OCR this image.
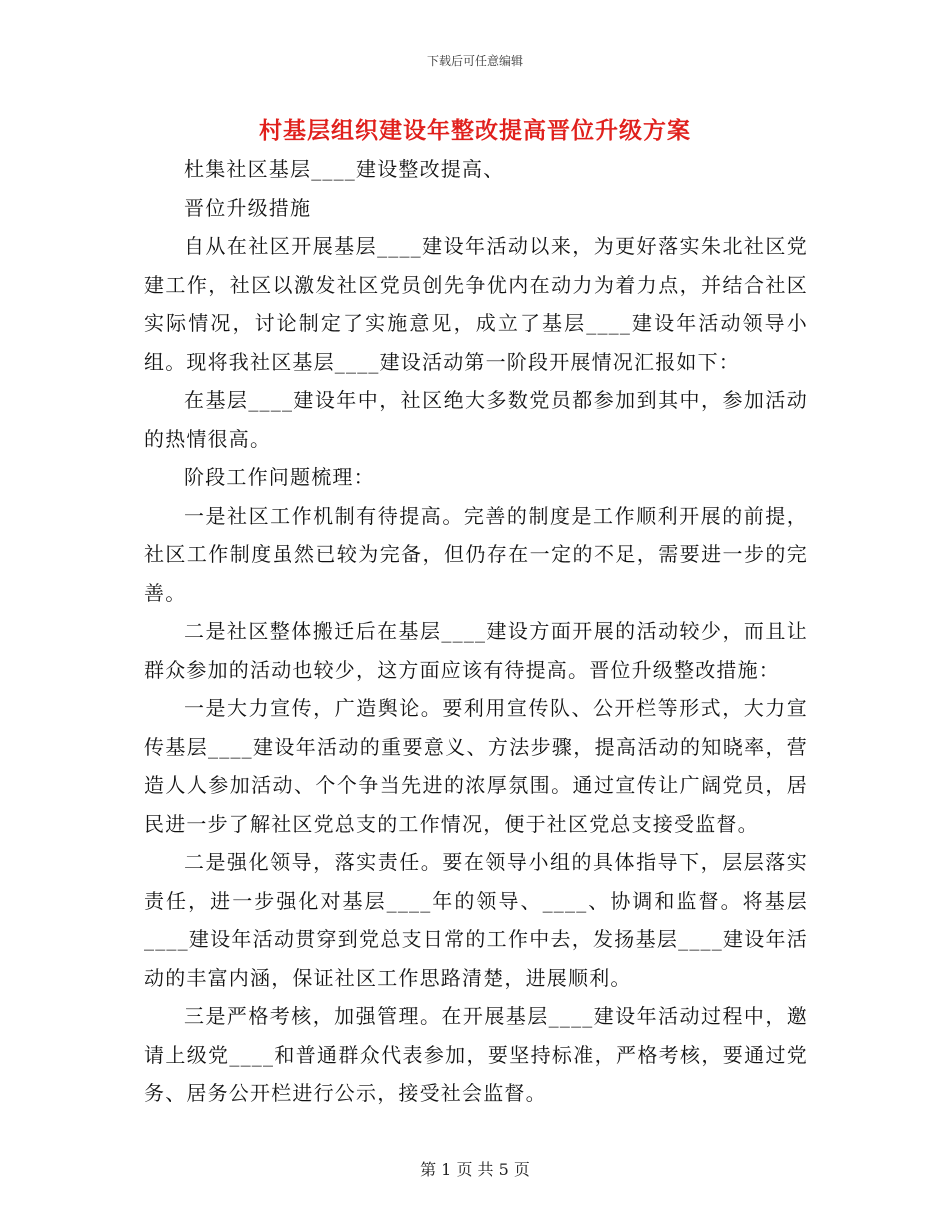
下载后可任意编辑
村基层组织建设年整改提高晋位升级方案

杜集社区基层____建设整改提高、

晋位升级措施

自从在社区开展基层____建设年活动以来，为更好落实朱北社区党建工作，社区以激发社区党员创先争优内在动力为着力点，并结合社区实际情况，讨论制定了实施意见，成立了基层____建设年活动领导小组。现将我社区基层____建设活动第一阶段开展情况汇报如下：

在基层____建设年中，社区绝大多数党员都参加到其中，参加活动的热情很高。

阶段工作问题梳理：

一是社区工作机制有待提高。完善的制度是工作顺利开展的前提，社区工作制度虽然已较为完备，但仍存在一定的不足，需要进一步的完善。

二是社区整体搬迁后在基层____建设方面开展的活动较少，而且让群众参加的活动也较少，这方面应该有待提高。晋位升级整改措施：

一是大力宣传，广造舆论。要利用宣传队、公开栏等形式，大力宣传基层____建设年活动的重要意义、方法步骤，提高活动的知晓率，营造人人参加活动、个个争当先进的浓厚氛围。通过宣传让广阔党员，居民进一步了解社区党总支的工作情况，便于社区党总支接受监督。

二是强化领导，落实责任。要在领导小组的具体指导下，层层落实责任，进一步强化对基层____年的领导、____、协调和监督。将基层____建设年活动贯穿到党总支日常的工作中去，发扬基层____建设年活动的丰富内涵，保证社区工作思路清楚，进展顺利。

三是严格考核，加强管理。在开展基层____建设年活动过程中，邀请上级党____和普通群众代表参加，要坚持标准，严格考核，要通过党务、居务公开栏进行公示，接受社会监督。

第 1 页 共 5 页
